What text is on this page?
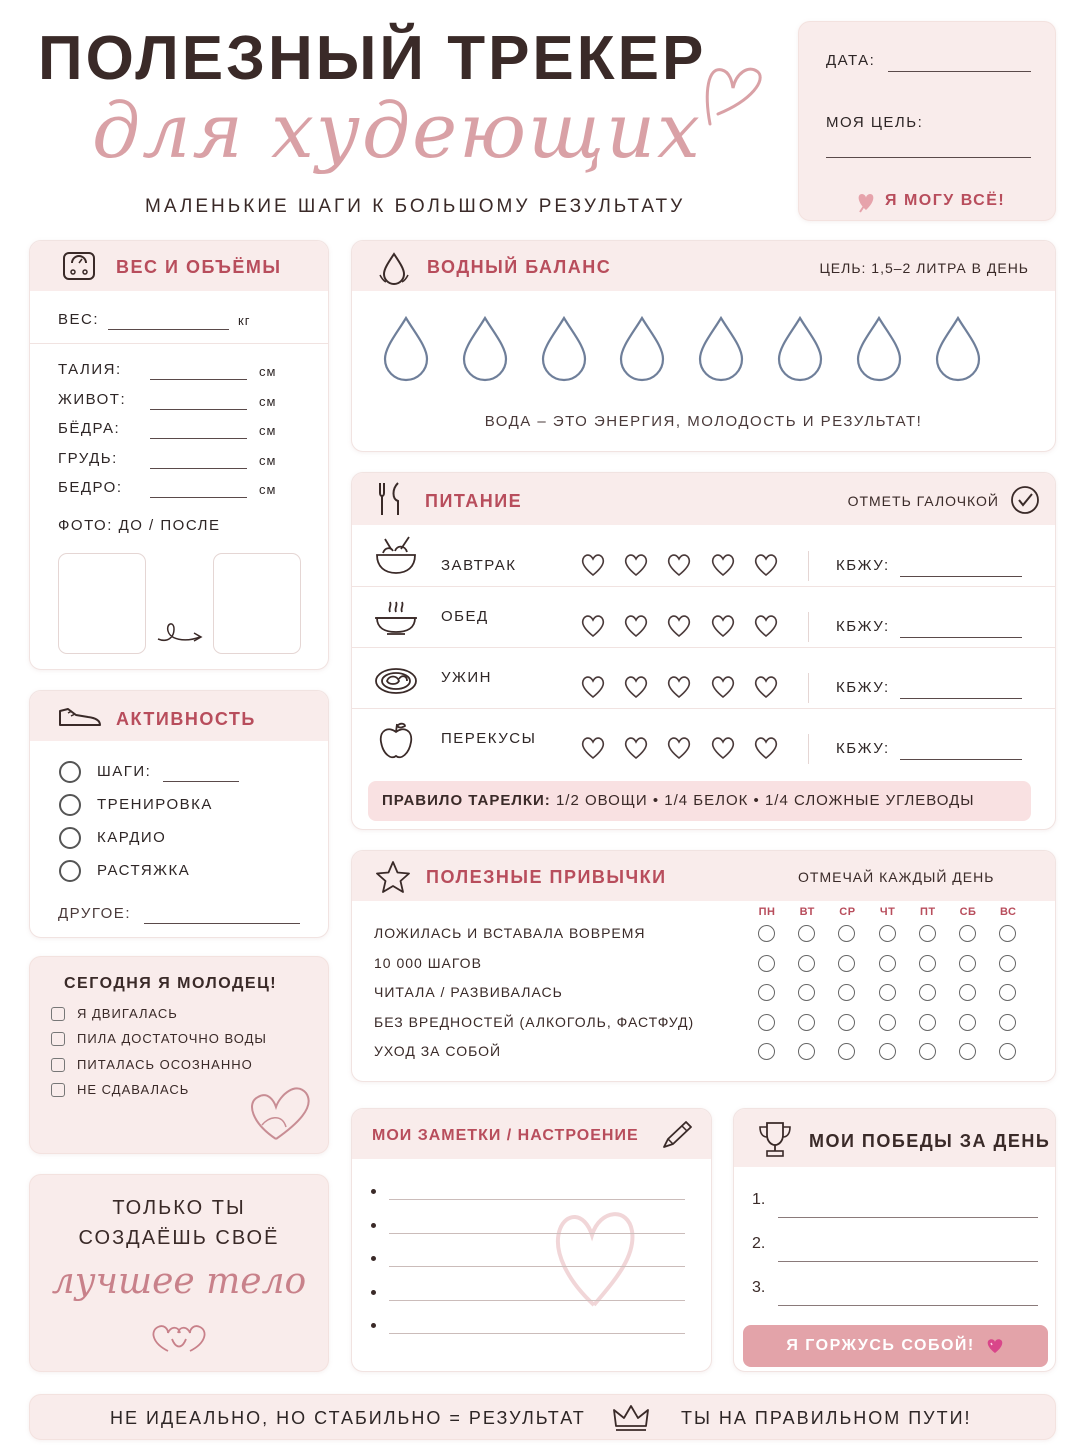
ПОЛЕЗНЫЙ ТРЕКЕР
для худеющих
МАЛЕНЬКИЕ ШАГИ К БОЛЬШОМУ РЕЗУЛЬТАТУ
ДАТА:
МОЯ ЦЕЛЬ:
Я МОГУ ВСЁ!
ВЕС И ОБЪЁМЫ
ВЕС:	кг
ТАЛИЯ:	см
ЖИВОТ:	см
БЁДРА:	см
ГРУДЬ:	см
БЕДРО:	см
ФОТО: ДО / ПОСЛЕ
АКТИВНОСТЬ
ШАГИ:
ТРЕНИРОВКА
КАРДИО
РАСТЯЖКА
ДРУГОЕ:
СЕГОДНЯ Я МОЛОДЕЦ!
Я ДВИГАЛАСЬ
ПИЛА ДОСТАТОЧНО ВОДЫ
ПИТАЛАСЬ ОСОЗНАННО
НЕ СДАВАЛАСЬ
ТОЛЬКО ТЫ
СОЗДАЁШЬ СВОЁ
лучшее тело
ВОДНЫЙ БАЛАНС	ЦЕЛЬ: 1,5–2 ЛИТРА В ДЕНЬ
ВОДА – ЭТО ЭНЕРГИЯ, МОЛОДОСТЬ И РЕЗУЛЬТАТ!
ПИТАНИЕ	ОТМЕТЬ ГАЛОЧКОЙ
ЗАВТРАК	КБЖУ:
ОБЕД
КБЖУ:
УЖИН
КБЖУ:
ПЕРЕКУСЫ
КБЖУ:
ПРАВИЛО ТАРЕЛКИ: 1/2 ОВОЩИ • 1/4 БЕЛОК • 1/4 СЛОЖНЫЕ УГЛЕВОДЫ
ПОЛЕЗНЫЕ ПРИВЫЧКИ	ОТМЕЧАЙ КАЖДЫЙ ДЕНЬ
ПН	ВТ	СР	ЧТ	ПТ	СБ	ВС
ЛОЖИЛАСЬ И ВСТАВАЛА ВОВРЕМЯ
10 000 ШАГОВ
ЧИТАЛА / РАЗВИВАЛАСЬ
БЕЗ ВРЕДНОСТЕЙ (АЛКОГОЛЬ, ФАСТФУД)
УХОД ЗА СОБОЙ
МОИ ЗАМЕТКИ / НАСТРОЕНИЕ	МОИ ПОБЕДЫ ЗА ДЕНЬ
1.
2.
3.
Я ГОРЖУСЬ СОБОЙ!
НЕ ИДЕАЛЬНО, НО СТАБИЛЬНО = РЕЗУЛЬТАТ	ТЫ НА ПРАВИЛЬНОМ ПУТИ!
